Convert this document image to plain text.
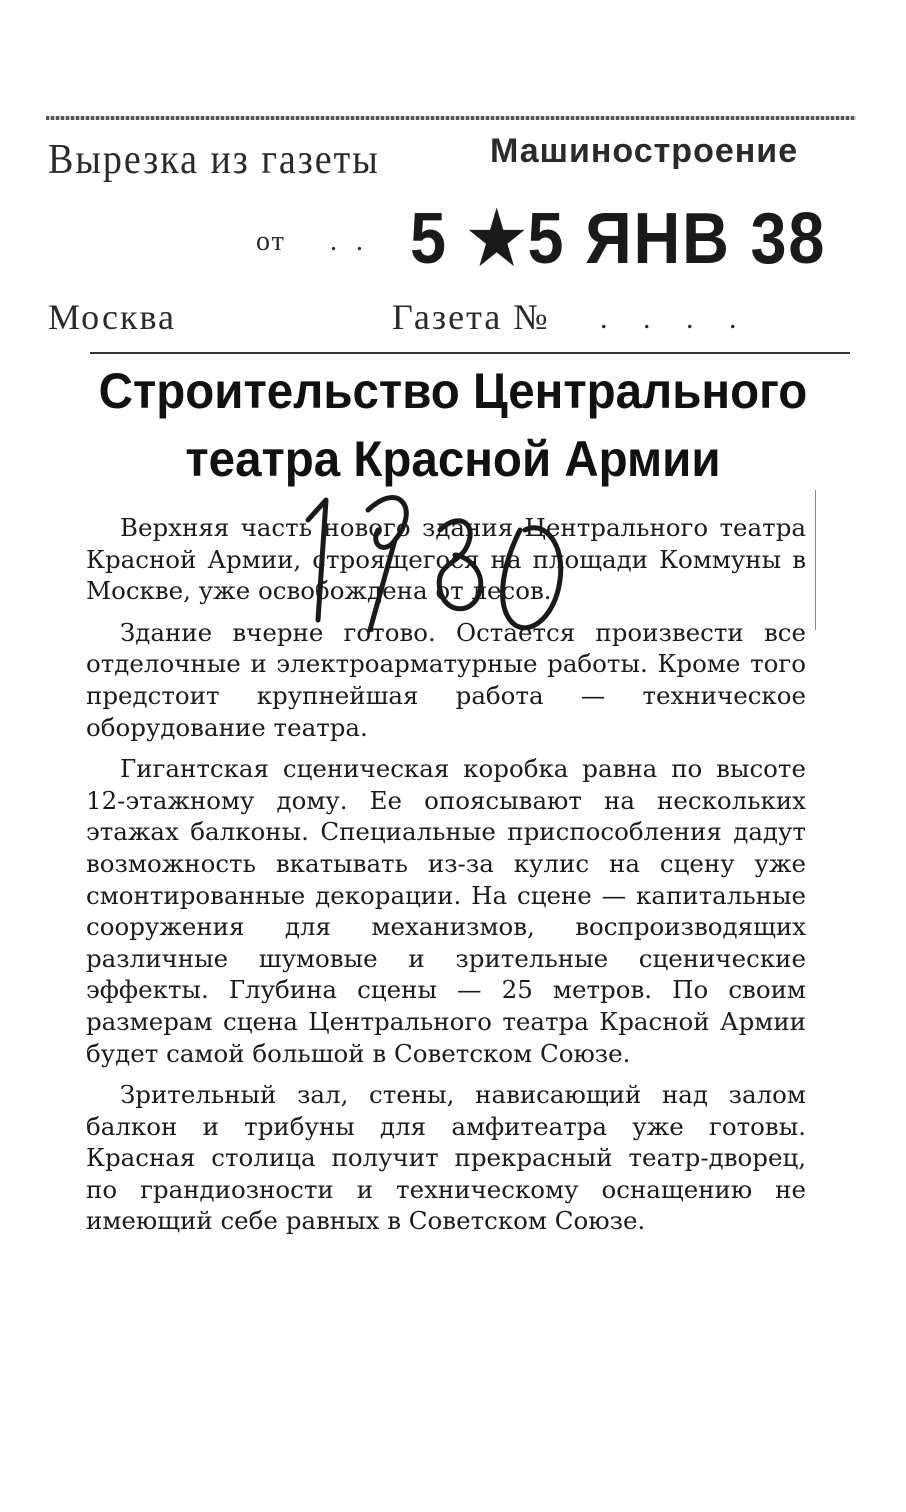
Вырезка из газеты	Машиностроение
от . . 5 ★5 ЯНВ 38
Москва	Газета № . . . .
Строительство Центрального
театра Красной Армии

Верхняя часть нового здания Центрального театра Красной Армии, строящегося на площади Коммуны в Москве, уже освобождена от лесов.

Здание вчерне готово. Остается произвести все отделочные и электроарматурные работы. Кроме того предстоит крупнейшая работа — техническое оборудование театра.

Гигантская сценическая коробка равна по высоте 12-этажному дому. Ее опоясывают на нескольких этажах балконы. Специальные приспособления дадут возможность вкатывать из-за кулис на сцену уже смонтированные декорации. На сцене — капитальные сооружения для механизмов, воспроизводящих различные шумовые и зрительные сценические эффекты. Глубина сцены — 25 метров. По своим размерам сцена Центрального театра Красной Армии будет самой большой в Советском Союзе.

Зрительный зал, стены, нависающий над залом балкон и трибуны для амфитеатра уже готовы. Красная столица получит прекрасный театр-дворец, по грандиозности и техническому оснащению не имеющий себе равных в Советском Союзе.
